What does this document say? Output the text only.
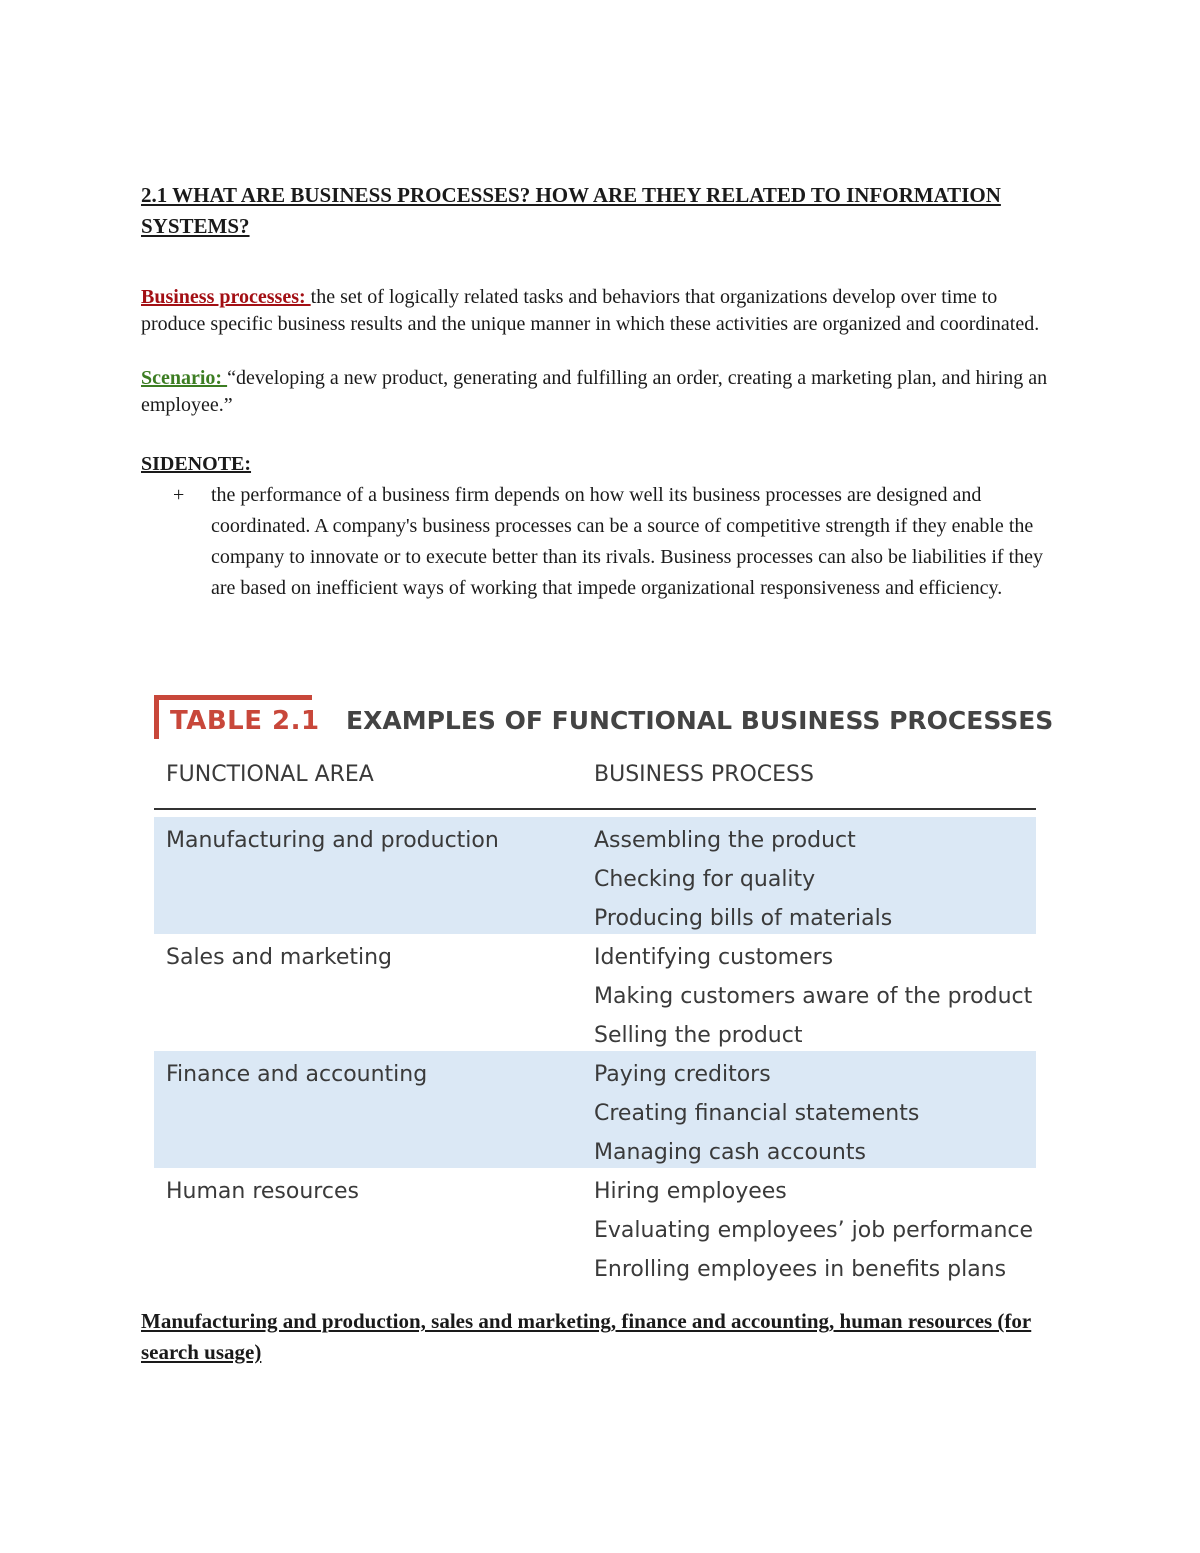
2.1 WHAT ARE BUSINESS PROCESSES? HOW ARE THEY RELATED TO INFORMATION SYSTEMS?

Business processes: the set of logically related tasks and behaviors that organizations develop over time to produce specific business results and the unique manner in which these activities are organized and coordinated.

Scenario: “developing a new product, generating and fulfilling an order, creating a marketing plan, and hiring an employee.”

SIDENOTE:

+ the performance of a business firm depends on how well its business processes are designed and coordinated. A company's business processes can be a source of competitive strength if they enable the company to innovate or to execute better than its rivals. Business processes can also be liabilities if they are based on inefficient ways of working that impede organizational responsiveness and efficiency.
TABLE 2.1 EXAMPLES OF FUNCTIONAL BUSINESS PROCESSES
FUNCTIONAL AREA	BUSINESS PROCESS
Manufacturing and production	Assembling the product
Checking for quality
Producing bills of materials
Sales and marketing	Identifying customers
Making customers aware of the product
Selling the product
Finance and accounting	Paying creditors
Creating financial statements
Managing cash accounts
Human resources	Hiring employees
Evaluating employees’ job performance
Enrolling employees in benefits plans

Manufacturing and production, sales and marketing, finance and accounting, human resources (for search usage)
